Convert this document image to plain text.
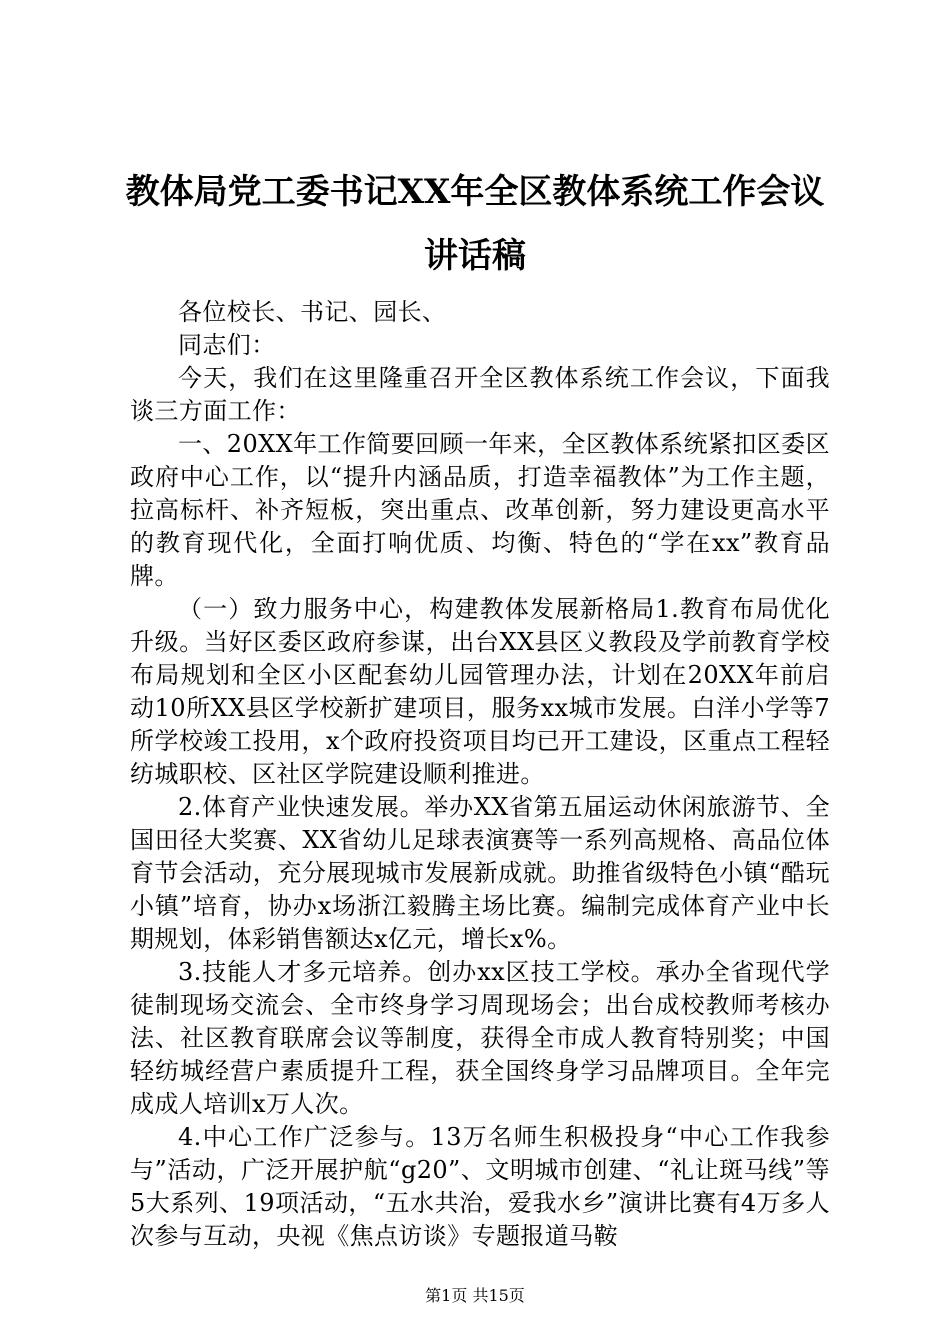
教体局党工委书记XX年全区教体系统工作会议讲话稿

各位校长、书记、园长、

同志们：

今天，我们在这里隆重召开全区教体系统工作会议，下面我谈三方面工作：

一、20XX年工作简要回顾一年来，全区教体系统紧扣区委区政府中心工作，以“提升内涵品质，打造幸福教体”为工作主题，拉高标杆、补齐短板，突出重点、改革创新，努力建设更高水平的教育现代化，全面打响优质、均衡、特色的“学在xx”教育品牌。

（一）致力服务中心，构建教体发展新格局1.教育布局优化升级。当好区委区政府参谋，出台XX县区义教段及学前教育学校布局规划和全区小区配套幼儿园管理办法，计划在20XX年前启动10所XX县区学校新扩建项目，服务xx城市发展。白洋小学等7所学校竣工投用，x个政府投资项目均已开工建设，区重点工程轻纺城职校、区社区学院建设顺利推进。

2.体育产业快速发展。举办XX省第五届运动休闲旅游节、全国田径大奖赛、XX省幼儿足球表演赛等一系列高规格、高品位体育节会活动，充分展现城市发展新成就。助推省级特色小镇“酷玩小镇”培育，协办x场浙江毅腾主场比赛。编制完成体育产业中长期规划，体彩销售额达x亿元，增长x%。

3.技能人才多元培养。创办xx区技工学校。承办全省现代学徒制现场交流会、全市终身学习周现场会；出台成校教师考核办法、社区教育联席会议等制度，获得全市成人教育特别奖；中国轻纺城经营户素质提升工程，获全国终身学习品牌项目。全年完成成人培训x万人次。

4.中心工作广泛参与。13万名师生积极投身“中心工作我参与”活动，广泛开展护航“g20”、文明城市创建、“礼让斑马线”等5大系列、19项活动，“五水共治，爱我水乡”演讲比赛有4万多人次参与互动，央视《焦点访谈》专题报道马鞍

第1页 共15页
